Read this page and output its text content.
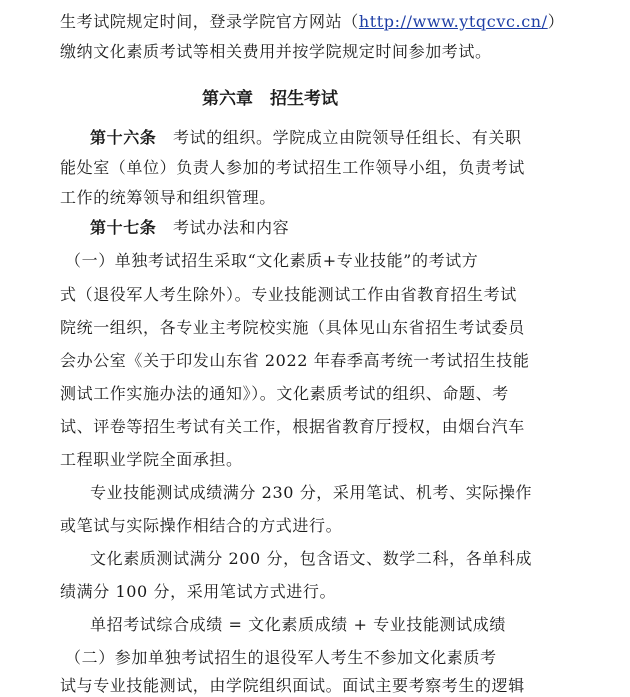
生考试院规定时间，登录学院官方网站（http://www.ytqcvc.cn/）
缴纳文化素质考试等相关费用并按学院规定时间参加考试。
第六章　招生考试
第十六条　考试的组织。学院成立由院领导任组长、有关职
能处室（单位）负责人参加的考试招生工作领导小组，负责考试
工作的统筹领导和组织管理。
第十七条　考试办法和内容
（一）单独考试招生采取“文化素质+专业技能”的考试方
式（退役军人考生除外）。专业技能测试工作由省教育招生考试
院统一组织，各专业主考院校实施（具体见山东省招生考试委员
会办公室《关于印发山东省 2022 年春季高考统一考试招生技能
测试工作实施办法的通知》）。文化素质考试的组织、命题、考
试、评卷等招生考试有关工作，根据省教育厅授权，由烟台汽车
工程职业学院全面承担。
专业技能测试成绩满分 230 分，采用笔试、机考、实际操作
或笔试与实际操作相结合的方式进行。
文化素质测试满分 200 分，包含语文、数学二科，各单科成
绩满分 100 分，采用笔试方式进行。
单招考试综合成绩 = 文化素质成绩 + 专业技能测试成绩
（二）参加单独考试招生的退役军人考生不参加文化素质考
试与专业技能测试，由学院组织面试。面试主要考察考生的逻辑
